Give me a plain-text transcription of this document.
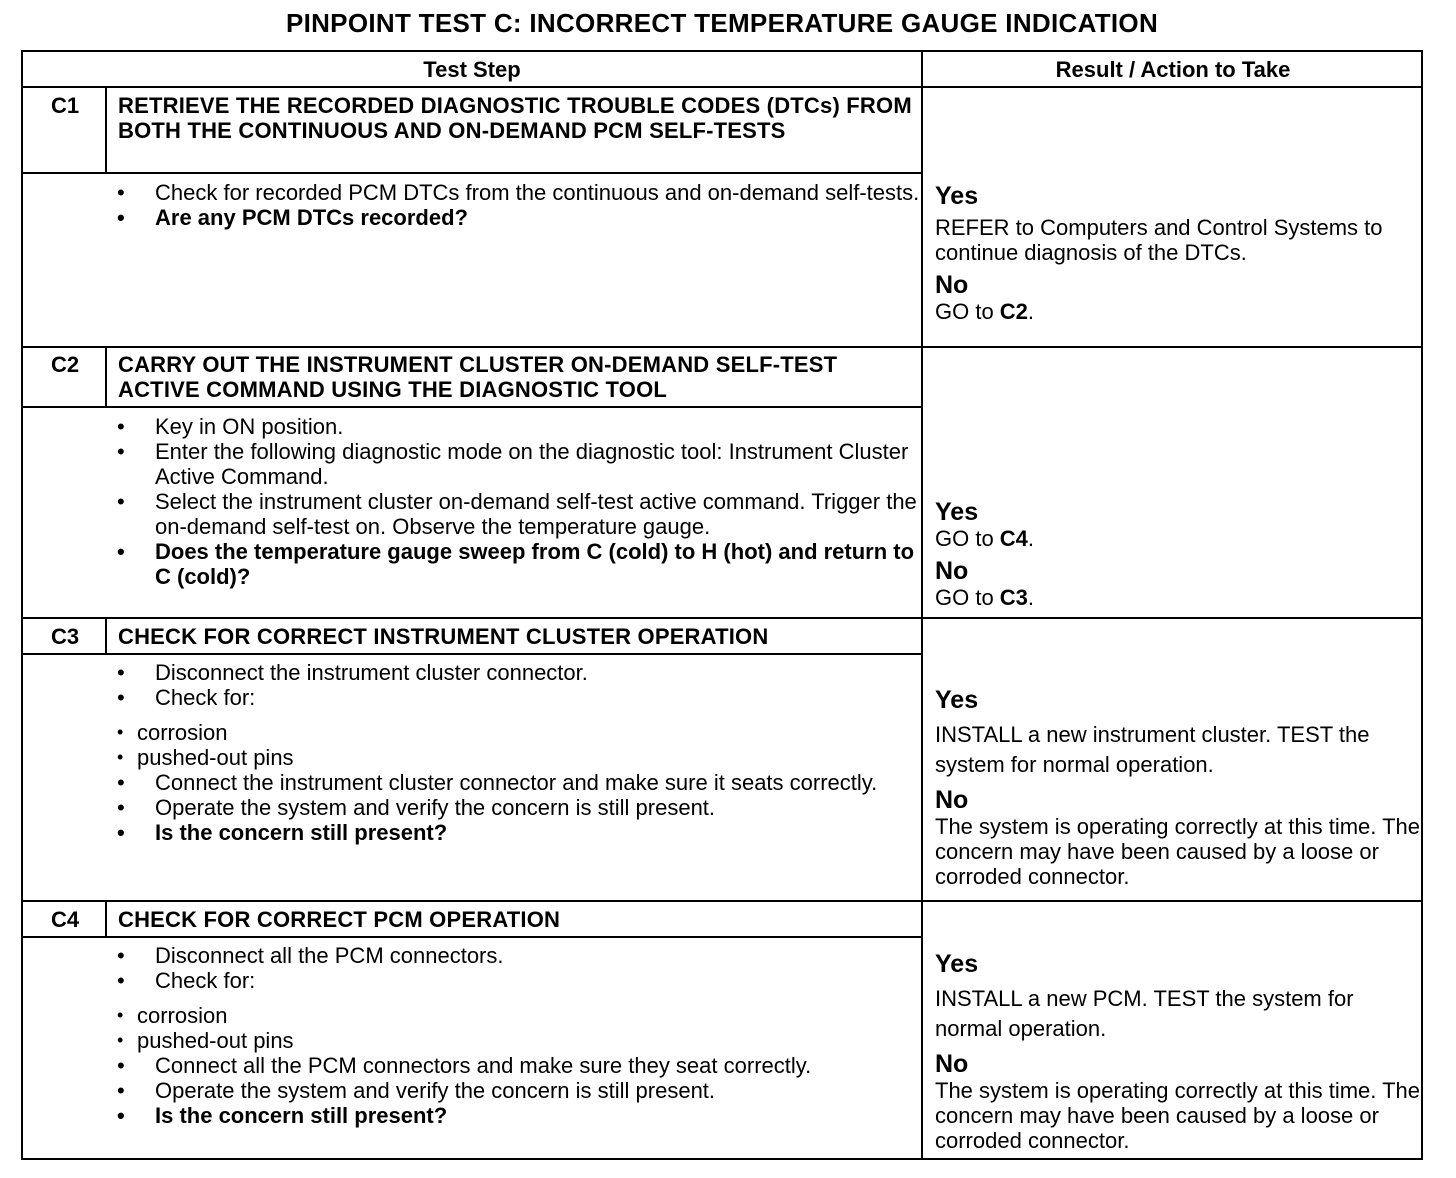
PINPOINT TEST C: INCORRECT TEMPERATURE GAUGE INDICATION
Test Step	Result / Action to Take
C1	RETRIEVE THE RECORDED DIAGNOSTIC TROUBLE CODES (DTCs) FROM BOTH THE CONTINUOUS AND ON-DEMAND PCM SELF-TESTS
• Check for recorded PCM DTCs from the continuous and on-demand self-tests.
• Are any PCM DTCs recorded?
Yes
REFER to Computers and Control Systems to continue diagnosis of the DTCs.
No
GO to C2.
C2	CARRY OUT THE INSTRUMENT CLUSTER ON-DEMAND SELF-TEST ACTIVE COMMAND USING THE DIAGNOSTIC TOOL
• Key in ON position.
• Enter the following diagnostic mode on the diagnostic tool: Instrument Cluster Active Command.
• Select the instrument cluster on-demand self-test active command. Trigger the on-demand self-test on. Observe the temperature gauge.
• Does the temperature gauge sweep from C (cold) to H (hot) and return to C (cold)?
Yes
GO to C4.
No
GO to C3.
C3	CHECK FOR CORRECT INSTRUMENT CLUSTER OPERATION
• Disconnect the instrument cluster connector.
• Check for:
• corrosion
• pushed-out pins
• Connect the instrument cluster connector and make sure it seats correctly.
• Operate the system and verify the concern is still present.
• Is the concern still present?
Yes
INSTALL a new instrument cluster. TEST the system for normal operation.
No
The system is operating correctly at this time. The concern may have been caused by a loose or corroded connector.
C4	CHECK FOR CORRECT PCM OPERATION
• Disconnect all the PCM connectors.
• Check for:
• corrosion
• pushed-out pins
• Connect all the PCM connectors and make sure they seat correctly.
• Operate the system and verify the concern is still present.
• Is the concern still present?
Yes
INSTALL a new PCM. TEST the system for normal operation.
No
The system is operating correctly at this time. The concern may have been caused by a loose or corroded connector.
